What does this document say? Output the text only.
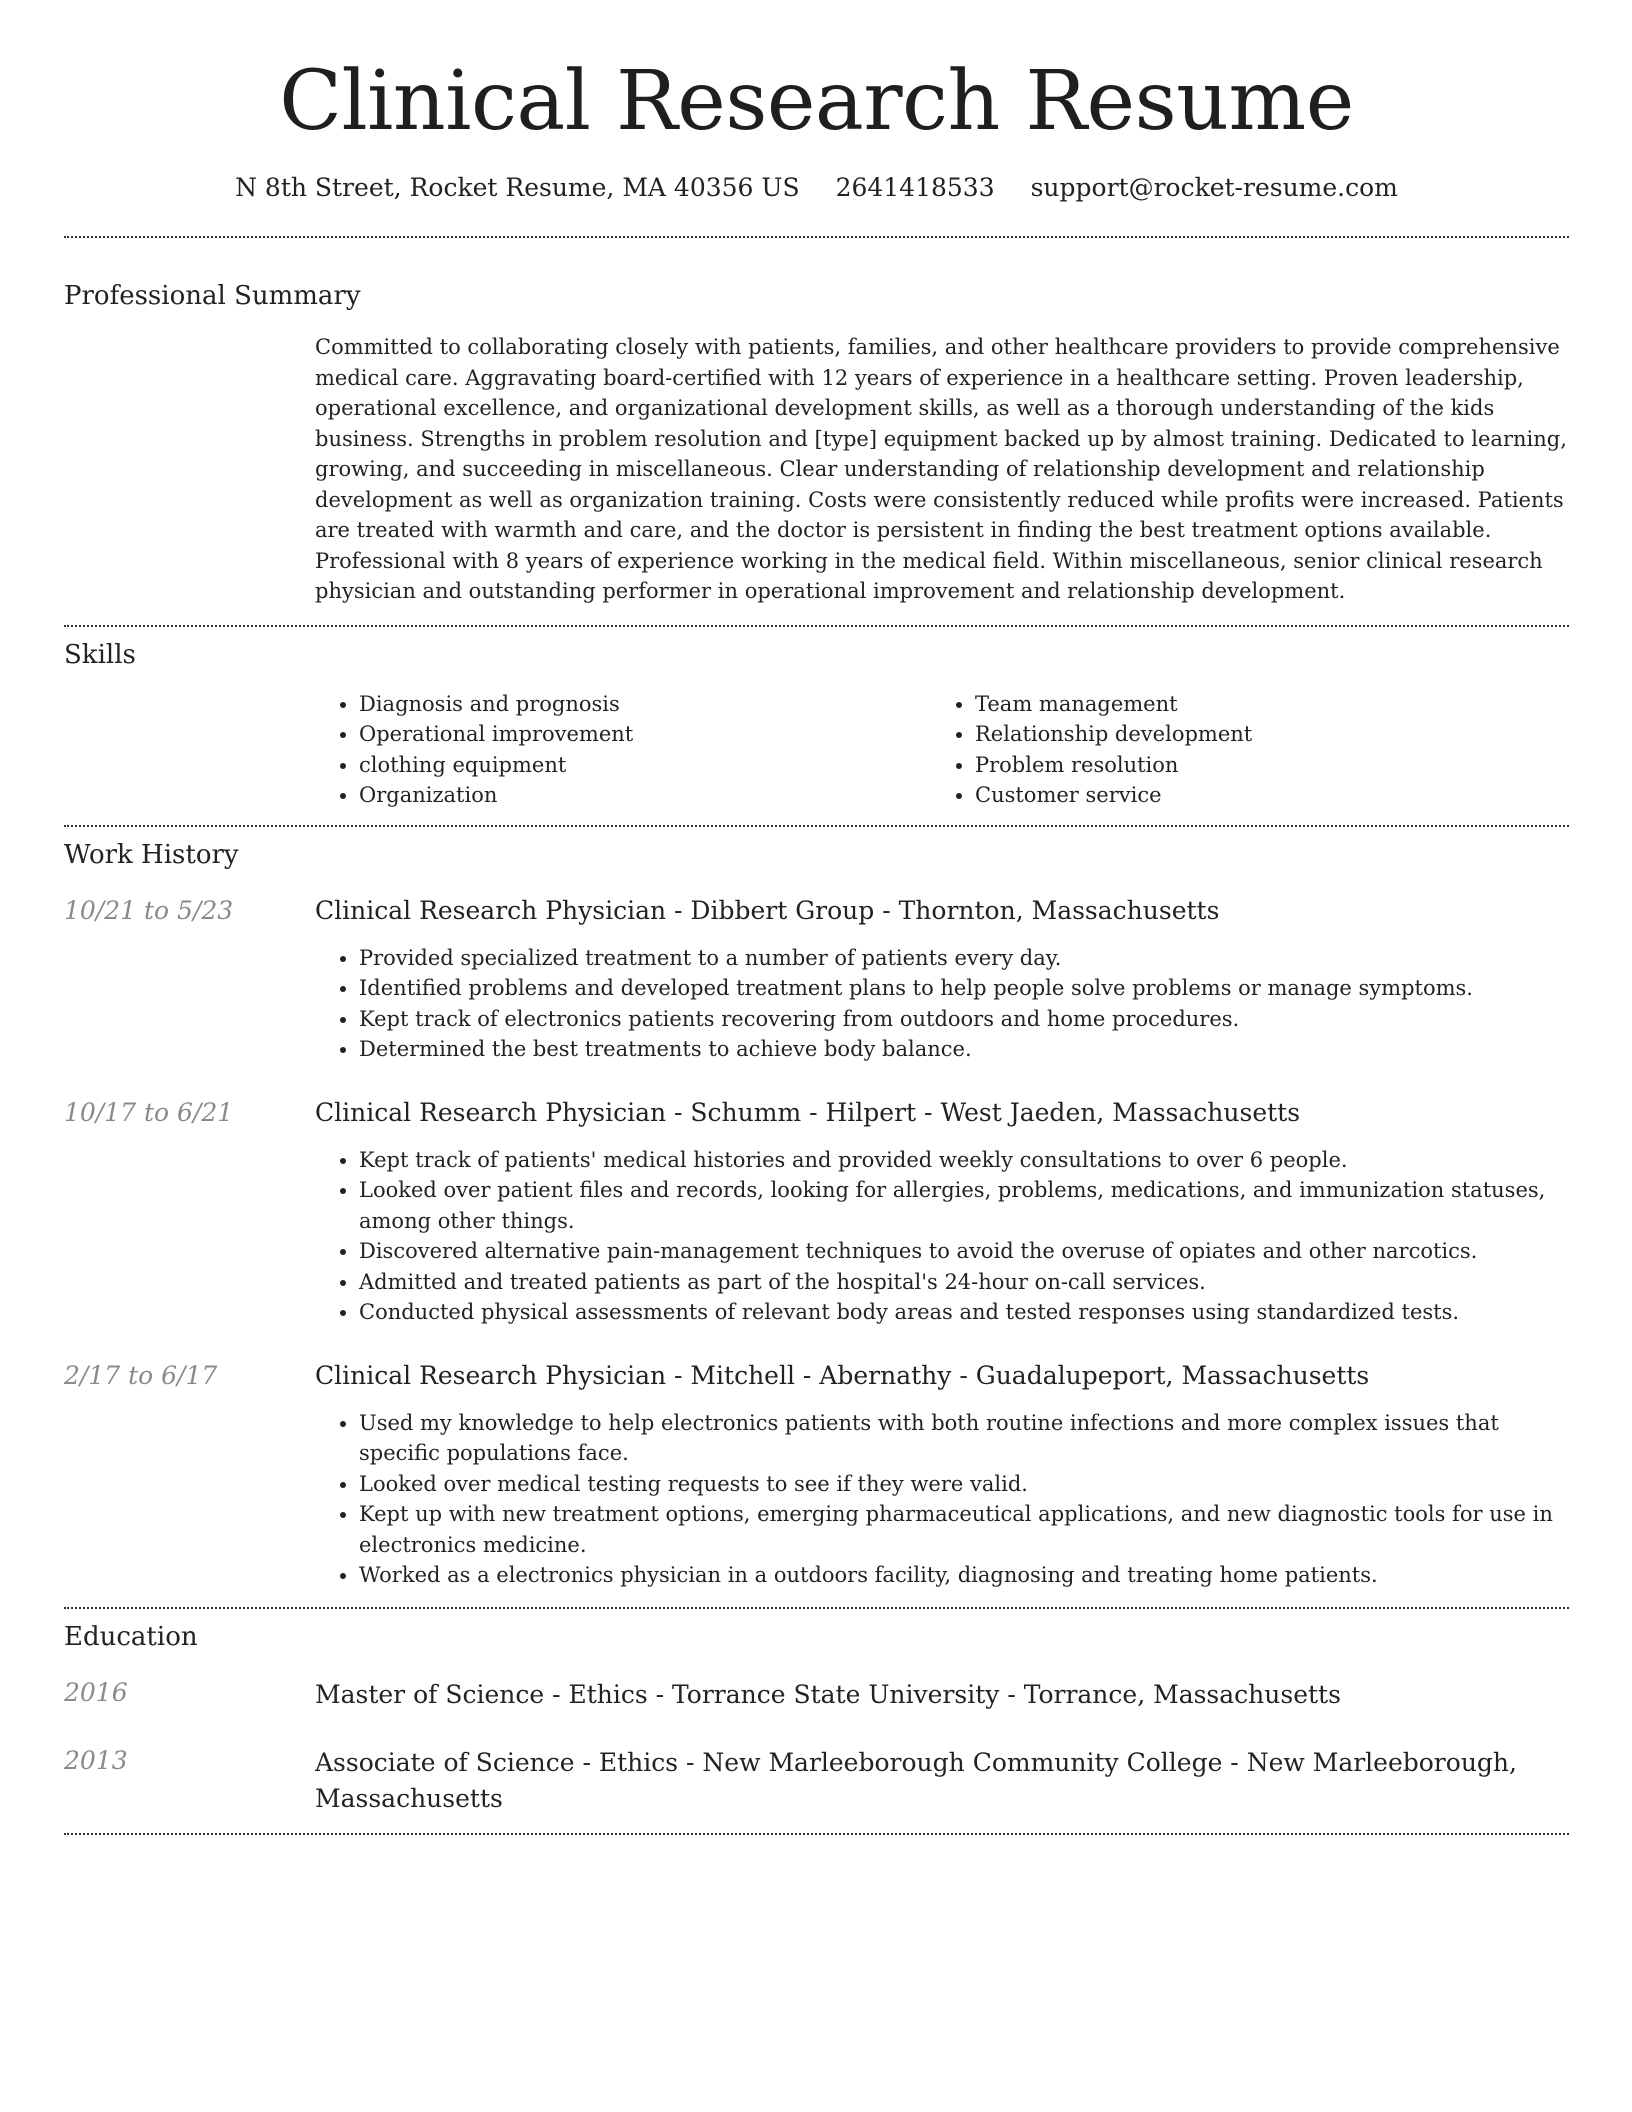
Clinical Research Resume
N 8th Street, Rocket Resume, MA 40356 US 2641418533 support@rocket-resume.com
Professional Summary

Committed to collaborating closely with patients, families, and other healthcare providers to provide comprehensive medical care. Aggravating board-certified with 12 years of experience in a healthcare setting. Proven leadership, operational excellence, and organizational development skills, as well as a thorough understanding of the kids business. Strengths in problem resolution and [type] equipment backed up by almost training. Dedicated to learning, growing, and succeeding in miscellaneous. Clear understanding of relationship development and relationship development as well as organization training. Costs were consistently reduced while profits were increased. Patients are treated with warmth and care, and the doctor is persistent in finding the best treatment options available. Professional with 8 years of experience working in the medical field. Within miscellaneous, senior clinical research physician and outstanding performer in operational improvement and relationship development.

Skills
• Diagnosis and prognosis
• Operational improvement
• clothing equipment
• Organization
• Team management
• Relationship development
• Problem resolution
• Customer service
Work History
10/21 to 5/23	Clinical Research Physician - Dibbert Group - Thornton, Massachusetts

• Provided specialized treatment to a number of patients every day.
• Identified problems and developed treatment plans to help people solve problems or manage symptoms.
• Kept track of electronics patients recovering from outdoors and home procedures.
• Determined the best treatments to achieve body balance.
10/17 to 6/21	Clinical Research Physician - Schumm - Hilpert - West Jaeden, Massachusetts

• Kept track of patients' medical histories and provided weekly consultations to over 6 people.
• Looked over patient files and records, looking for allergies, problems, medications, and immunization statuses, among other things.
• Discovered alternative pain-management techniques to avoid the overuse of opiates and other narcotics.
• Admitted and treated patients as part of the hospital's 24-hour on-call services.
• Conducted physical assessments of relevant body areas and tested responses using standardized tests.
2/17 to 6/17	Clinical Research Physician - Mitchell - Abernathy - Guadalupeport, Massachusetts

• Used my knowledge to help electronics patients with both routine infections and more complex issues that specific populations face.
• Looked over medical testing requests to see if they were valid.
• Kept up with new treatment options, emerging pharmaceutical applications, and new diagnostic tools for use in electronics medicine.
• Worked as a electronics physician in a outdoors facility, diagnosing and treating home patients.
Education
2016	Master of Science - Ethics - Torrance State University - Torrance, Massachusetts

2013	Associate of Science - Ethics - New Marleeborough Community College - New Marleeborough, Massachusetts
